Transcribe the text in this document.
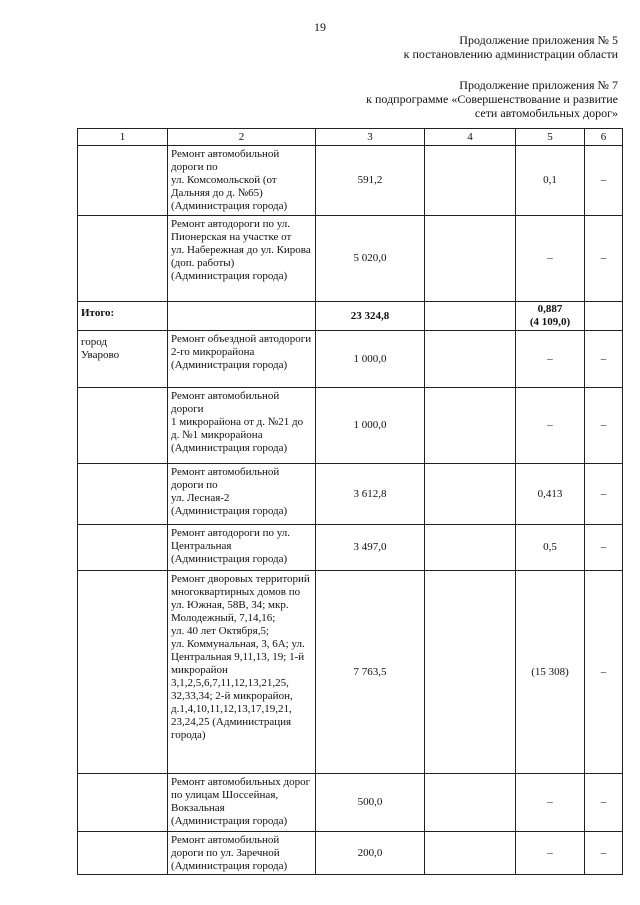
19
Продолжение приложения № 5
к постановлению администрации области
Продолжение приложения № 7
к подпрограмме «Совершенствование и развитие
сети автомобильных дорог»
1	2	3	4	5	6
	Ремонт автомобильной дороги по
ул. Комсомольской (от Дальняя до д. №65)
(Администрация города)	591,2		0,1	–
	Ремонт автодороги по ул. Пионерская на участке от
ул. Набережная до ул. Кирова (доп. работы)
(Администрация города)	5 020,0		–	–
Итого:		23 324,8		0,887
(4 109,0)	
город
Уварово	Ремонт объездной автодороги
2-го микрорайона
(Администрация города)	1 000,0		–	–
	Ремонт автомобильной дороги
1 микрорайона от д. №21 до д. №1 микрорайона
(Администрация города)	1 000,0		–	–
	Ремонт автомобильной дороги по
ул. Лесная-2
(Администрация города)	3 612,8		0,413	–
	Ремонт автодороги по ул. Центральная
(Администрация города)	3 497,0		0,5	–
	Ремонт дворовых территорий многоквартирных домов по ул. Южная, 58В, 34; мкр. Молодежный, 7,14,16;
ул. 40 лет Октября,5;
ул. Коммунальная, 3, 6А; ул. Центральная 9,11,13, 19; 1-й микрорайон 3,1,2,5,6,7,11,12,13,21,25, 32,33,34; 2-й микрорайон, д.1,4,10,11,12,13,17,19,21, 23,24,25 (Администрация города)	7 763,5		(15 308)	–
	Ремонт автомобильных дорог по улицам Шоссейная, Вокзальная
(Администрация города)	500,0		–	–
	Ремонт автомобильной дороги по ул. Заречной
(Администрация города)	200,0		–	–
